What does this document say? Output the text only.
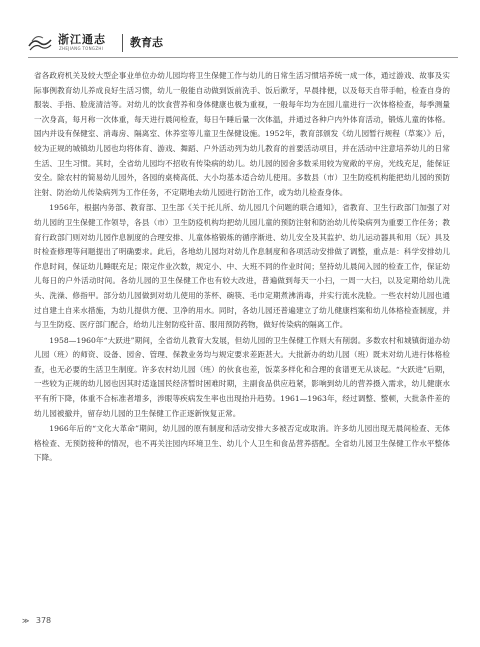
浙江通志
ZHEJIANG TONGZHI 教育志

省各政府机关及较大型企事业单位办幼儿园均将卫生保健工作与幼儿的日常生活习惯培养统一成一体，通过游戏、故事及实际事例教育幼儿养成良好生活习惯，幼儿一般能自动做到饭前洗手、饭后漱牙，早晨排便，以及每天自带手帕，检查自身的服装、手指、脸庞清洁等。对幼儿的饮食营养和身体健康也极为重视，一般每年均为在园儿童进行一次体格检查，每季测量一次身高，每月称一次体重，每天进行晨间检查，每日午睡后量一次体温，并通过各种户内外体育活动，锻炼儿童的体格。国内并设有保健室、消毒房、隔离室、休养室等儿童卫生保健设施。1952年，教育部颁发《幼儿园暂行规程（草案）》后，较为正规的城镇幼儿园也均将体育、游戏、舞蹈、户外活动列为幼儿教育的首要活动项目，并在活动中注意培养幼儿的日常生活、卫生习惯。其时，全省幼儿园均不招收有传染病的幼儿。幼儿园的园舍多数采用较为宽敞的平房，光线充足，能保证安全。除农村的简易幼儿园外，各园的桌椅高低、大小均基本适合幼儿使用。多数县（市）卫生防疫机构能把幼儿园的预防注射、防治幼儿传染病列为工作任务，不定期地去幼儿园进行防治工作，或为幼儿检查身体。

1956年，根据内务部、教育部、卫生部《关于托儿所、幼儿园几个问题的联合通知》，省教育、卫生行政部门加强了对幼儿园的卫生保健工作领导，各县（市）卫生防疫机构均把幼儿园儿童的预防注射和防治幼儿传染病列为重要工作任务；教育行政部门则对幼儿园作息制度的合理安排、儿童体格锻炼的循序渐进、幼儿安全及其监护、幼儿运动器具和用（玩）具及时检查修理等问题提出了明确要求。此后，各地幼儿园均对幼儿作息制度和各项活动安排做了调整，重点是：科学安排幼儿作息时间，保证幼儿睡眠充足；限定作业次数，规定小、中、大班不同的作业时间；坚持幼儿晨间入园的检查工作，保证幼儿每日的户外活动时间。各幼儿园的卫生保健工作也有较大改进，普遍做到每天一小扫，一周一大扫，以及定期给幼儿洗头、洗澡、修指甲。部分幼儿园做到对幼儿使用的茶杯、碗筷、毛巾定期煮沸消毒，并实行流水洗脸。一些农村幼儿园也通过自建土自来水措施，为幼儿提供方便、卫净的用水。同时，各幼儿园还普遍建立了幼儿健康档案和幼儿体格检查制度，并与卫生防疫、医疗部门配合，给幼儿注射防疫针苗、服用预防药物，做好传染病的隔离工作。

1958—1960年“大跃进”期间，全省幼儿教育大发展，但幼儿园的卫生保健工作则大有削弱。多数农村和城镇街道办幼儿园（班）的师资、设备、园舍、管理、保教业务均与规定要求差距甚大。大批新办的幼儿园（班）既未对幼儿进行体格检查，也无必要的生活卫生制度。许多农村幼儿园（班）的伙食也差，饭菜多样化和合理的食谱更无从谈起。“大跃进”后期，一些较为正规的幼儿园也因其时适逢国民经济暂时困难时期，主副食品供应趋紧，影响到幼儿的营养摄入需求，幼儿健康水平有所下降，体重不合标准者增多，涉眼等疾病发生率也出现抬升趋势。1961—1963年，经过调整、整顿，大批条件差的幼儿园被撤并，留存幼儿园的卫生保健工作正逐新恢复正常。

1966年后的“文化大革命”期间，幼儿园的原有制度和活动安排大多被否定或取消。许多幼儿园出现无晨间检查、无体格检查、无预防接种的情况，也不再关注园内环境卫生、幼儿个人卫生和食品营养搭配。全省幼儿园卫生保健工作水平整体下降。

≫ 378
